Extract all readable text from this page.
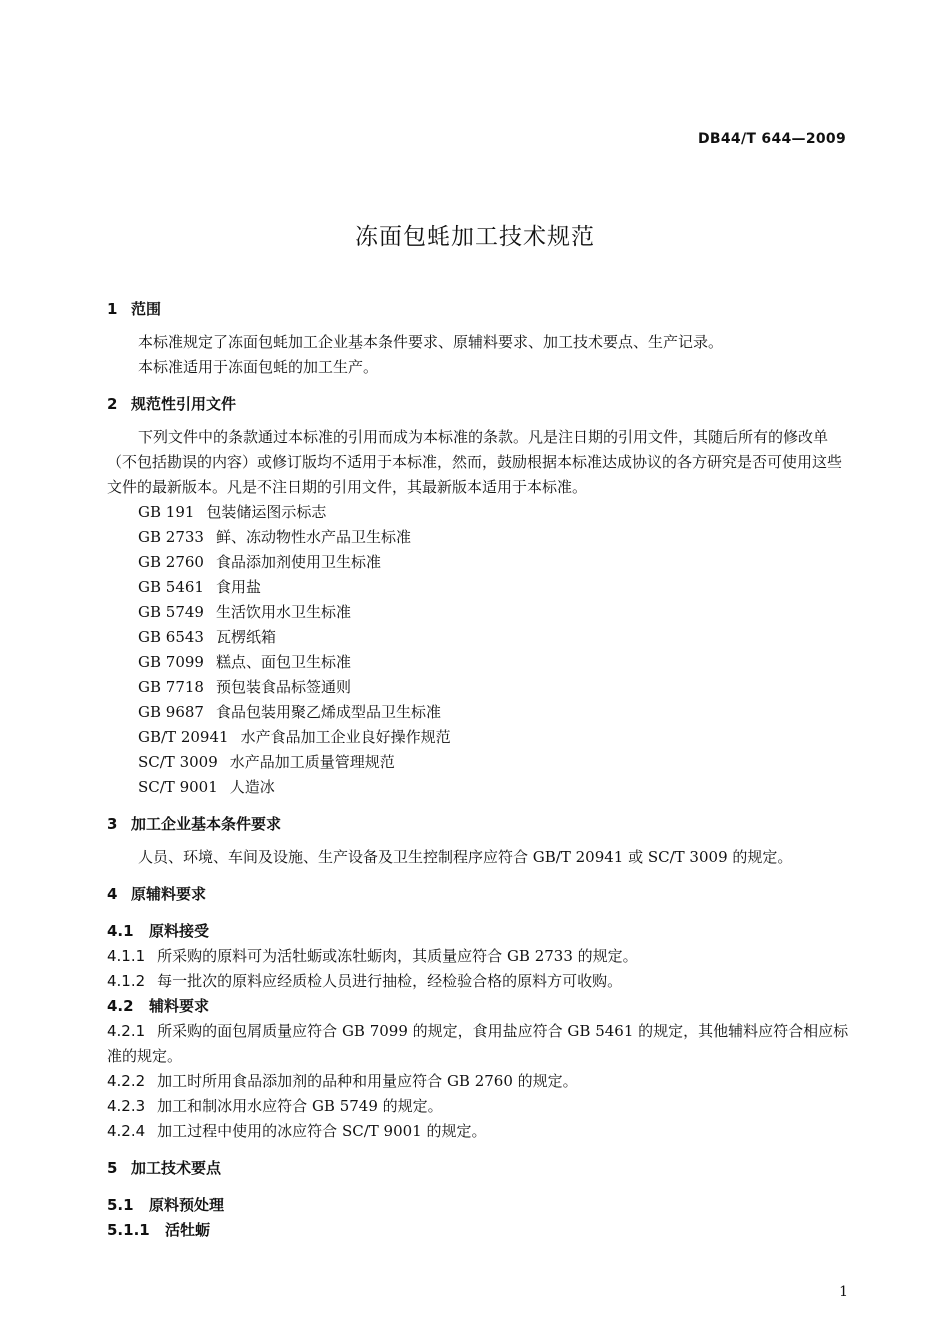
DB44/T 644—2009
冻面包蚝加工技术规范
1 范围

本标准规定了冻面包蚝加工企业基本条件要求、原辅料要求、加工技术要点、生产记录。

本标准适用于冻面包蚝的加工生产。

2 规范性引用文件

下列文件中的条款通过本标准的引用而成为本标准的条款。凡是注日期的引用文件，其随后所有的修改单（不包括勘误的内容）或修订版均不适用于本标准，然而，鼓励根据本标准达成协议的各方研究是否可使用这些文件的最新版本。凡是不注日期的引用文件，其最新版本适用于本标准。

GB 191 包装储运图示标志
GB 2733 鲜、冻动物性水产品卫生标准
GB 2760 食品添加剂使用卫生标准
GB 5461 食用盐
GB 5749 生活饮用水卫生标准
GB 6543 瓦楞纸箱
GB 7099 糕点、面包卫生标准
GB 7718 预包装食品标签通则
GB 9687 食品包装用聚乙烯成型品卫生标准
GB/T 20941 水产食品加工企业良好操作规范
SC/T 3009 水产品加工质量管理规范
SC/T 9001 人造冰
3 加工企业基本条件要求

人员、环境、车间及设施、生产设备及卫生控制程序应符合 GB/T 20941 或 SC/T 3009 的规定。

4 原辅料要求
4.1 原料接受

4.1.1 所采购的原料可为活牡蛎或冻牡蛎肉，其质量应符合 GB 2733 的规定。

4.1.2 每一批次的原料应经质检人员进行抽检，经检验合格的原料方可收购。

4.2 辅料要求

4.2.1 所采购的面包屑质量应符合 GB 7099 的规定，食用盐应符合 GB 5461 的规定，其他辅料应符合相应标准的规定。

4.2.2 加工时所用食品添加剂的品种和用量应符合 GB 2760 的规定。

4.2.3 加工和制冰用水应符合 GB 5749 的规定。

4.2.4 加工过程中使用的冰应符合 SC/T 9001 的规定。

5 加工技术要点
5.1 原料预处理
5.1.1 活牡蛎
1
